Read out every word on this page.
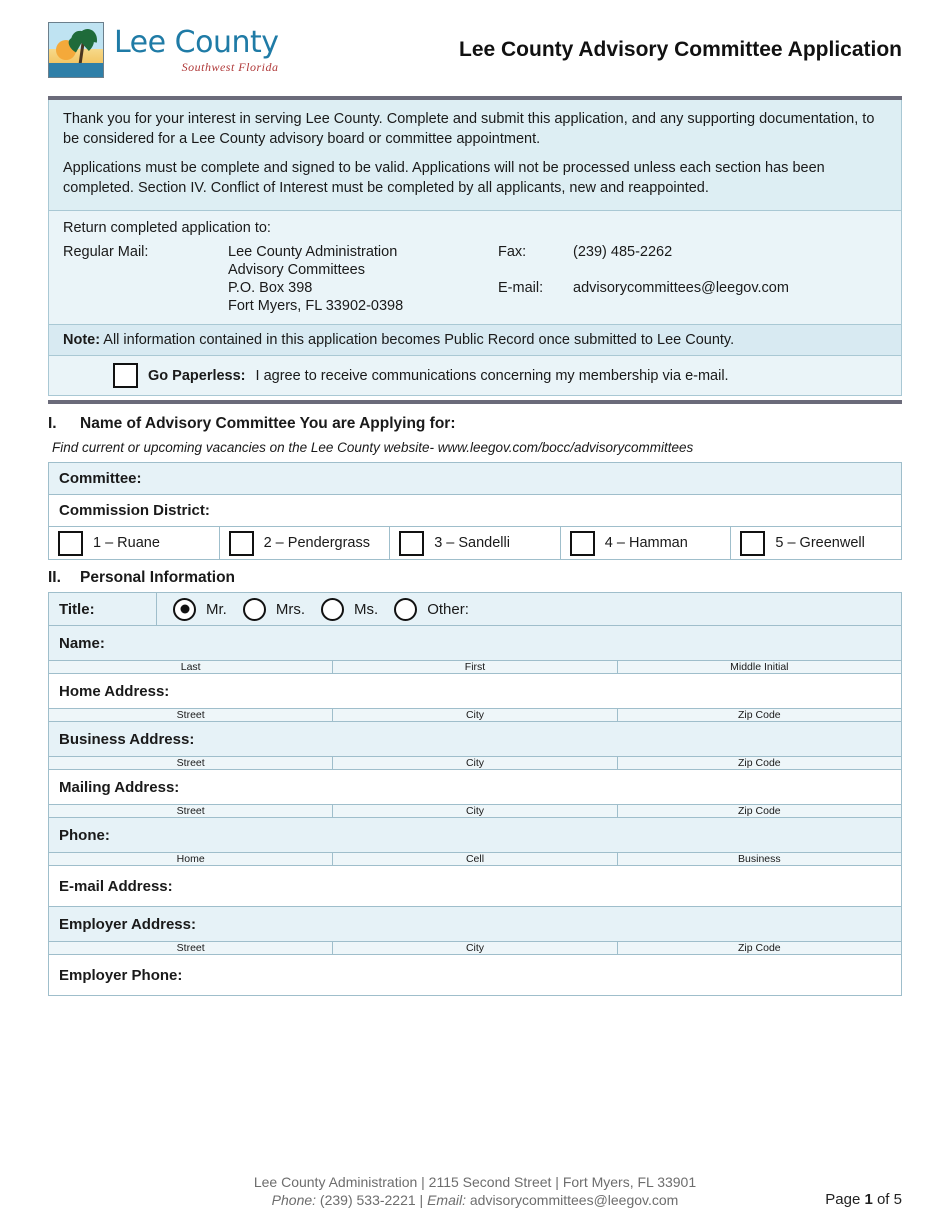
Lee County
Southwest Florida
Lee County Advisory Committee Application

Thank you for your interest in serving Lee County. Complete and submit this application, and any supporting documentation, to be considered for a Lee County advisory board or committee appointment.

Applications must be complete and signed to be valid. Applications will not be processed unless each section has been completed. Section IV. Conflict of Interest must be completed by all applicants, new and reappointed.

Return completed application to:
Regular Mail:	Lee County Administration	Fax:	(239) 485-2262
Advisory Committees
P.O. Box 398	E-mail:	advisorycommittees@leegov.com
Fort Myers, FL 33902-0398
Note: All information contained in this application becomes Public Record once submitted to Lee County.
Go Paperless: I agree to receive communications concerning my membership via e-mail.
I.	Name of Advisory Committee You are Applying for:
Find current or upcoming vacancies on the Lee County website- www.leegov.com/bocc/advisorycommittees
Committee:

Commission District:

1 – Ruane	2 – Pendergrass	3 – Sandelli	4 – Hamman	5 – Greenwell
II.	Personal Information
Title: Mr. Mrs. Ms. Other:		

Name:		

Last	First	Middle Initial

Home Address:		

Street	City	Zip Code

Business Address:		

Street	City	Zip Code

Mailing Address:		

Street	City	Zip Code

Phone:		

Home	Cell	Business

E-mail Address:		

Employer Address:		

Street	City	Zip Code

Employer Phone:		
Lee County Administration | 2115 Second Street | Fort Myers, FL 33901
Phone: (239) 533-2221 | Email: advisorycommittees@leegov.com	Page 1 of 5
